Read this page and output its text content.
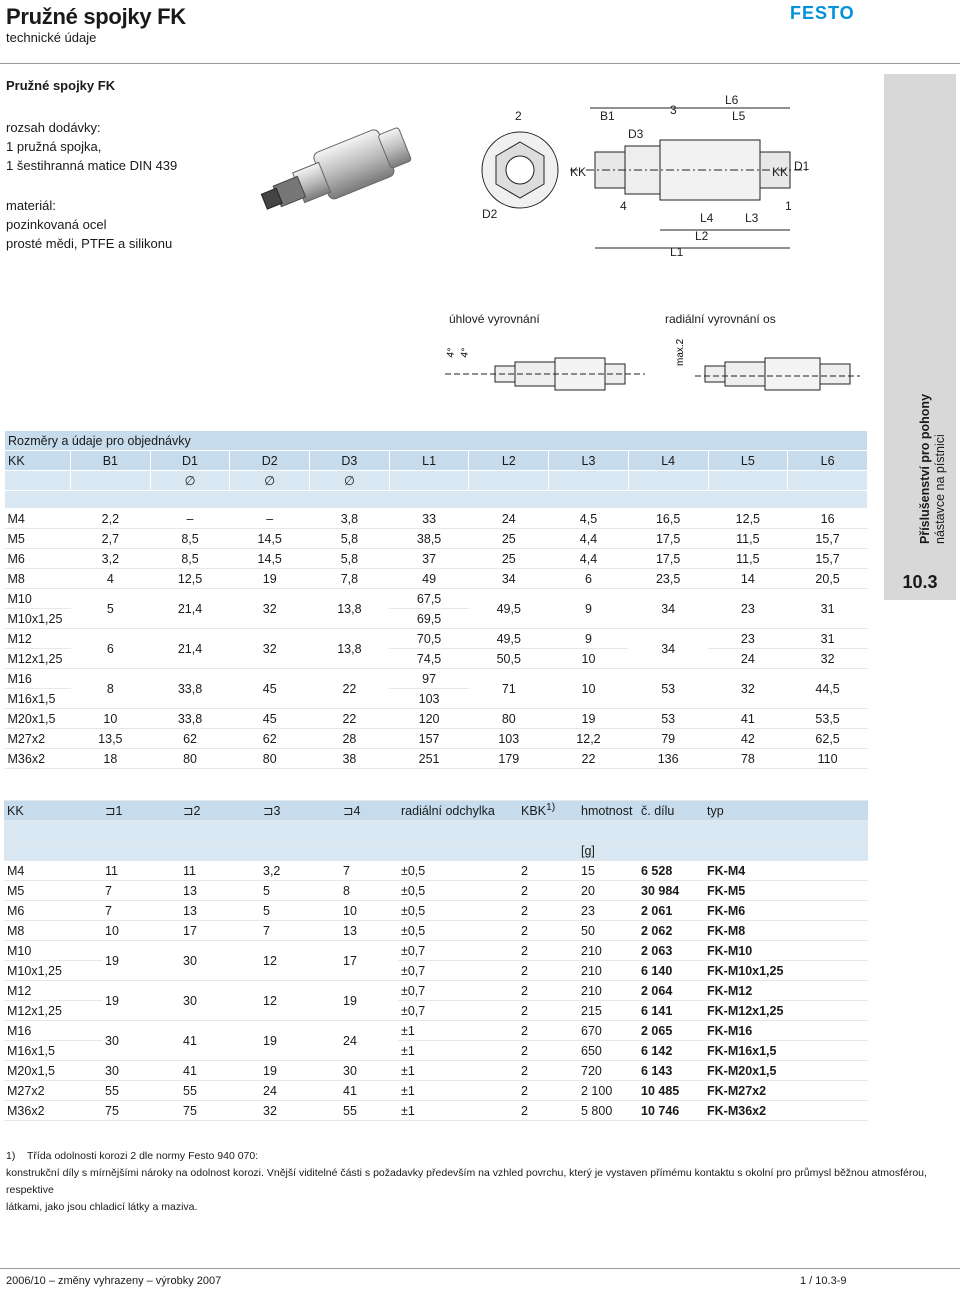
Pružné spojky FK
technické údaje
FESTO
Pružné spojky FK
rozsah dodávky:
1 pružná spojka,
1 šestihranná matice DIN 439
materiál:
pozinkovaná ocel
prosté mědi, PTFE a silikonu
2	B1	3
L6
L5
KK
D3
KK D1
D2
4
L4	L3
1
L2
L1
úhlové vyrovnání	radiální vyrovnání os
4° 4°	max.2
Příslušenství pro pohony nástavce na pístnici
10.3
Rozměry a údaje pro objednávky										
KK	B1	D1	D2	D3	L1	L2	L3	L4	L5	L6
		∅	∅	∅						

M4	2,2	–	–	3,8	33	24	4,5	16,5	12,5	16
M5	2,7	8,5	14,5	5,8	38,5	25	4,4	17,5	11,5	15,7
M6	3,2	8,5	14,5	5,8	37	25	4,4	17,5	11,5	15,7
M8	4	12,5	19	7,8	49	34	6	23,5	14	20,5
M10	5	21,4	32	13,8	67,5	49,5	9	34	23	31
M10x1,25					69,5					
M12	6	21,4	32	13,8	70,5	49,5	9	34	23	31
M12x1,25					74,5	50,5	10		24	32
M16	8	33,8	45	22	97	71	10	53	32	44,5
M16x1,5					103					
M20x1,5	10	33,8	45	22	120	80	19	53	41	53,5
M27x2	13,5	62	62	28	157	103	12,2	79	42	62,5
M36x2	18	80	80	38	251	179	22	136	78	110
KK	⊐1	⊐2	⊐3	⊐4	radiální odchylka	KBK$^{1)}$	hmotnost	č. dílu	typ

							[g]		
M4	11	11	3,2	7	±0,5	2	15	6 528	FK-M4
M5	7	13	5	8	±0,5	2	20	30 984	FK-M5
M6	7	13	5	10	±0,5	2	23	2 061	FK-M6
M8	10	17	7	13	±0,5	2	50	2 062	FK-M8
M10	19	30	12	17	±0,7	2	210	2 063	FK-M10
M10x1,25					±0,7	2	210	6 140	FK-M10x1,25
M12	19	30	12	19	±0,7	2	210	2 064	FK-M12
M12x1,25					±0,7	2	215	6 141	FK-M12x1,25
M16	30	41	19	24	±1	2	670	2 065	FK-M16
M16x1,5					±1	2	650	6 142	FK-M16x1,5
M20x1,5	30	41	19	30	±1	2	720	6 143	FK-M20x1,5
M27x2	55	55	24	41	±1	2	2 100	10 485	FK-M27x2
M36x2	75	75	32	55	±1	2	5 800	10 746	FK-M36x2
1) Třída odolnosti korozi 2 dle normy Festo 940 070:
konstrukční díly s mírnějšími nároky na odolnost korozi. Vnější viditelné části s požadavky především na vzhled povrchu, který je vystaven přímému kontaktu s okolní pro průmysl běžnou atmosférou, respektive
látkami, jako jsou chladicí látky a maziva.
2006/10 – změny vyhrazeny – výrobky 2007	1 / 10.3-9
